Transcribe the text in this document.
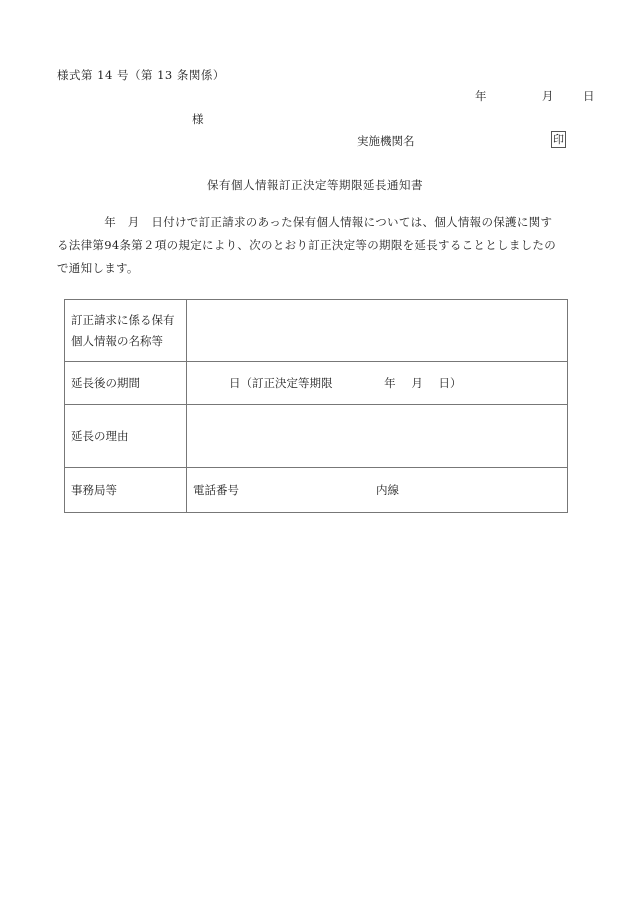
様式第 14 号（第 13 条関係）
年	月	日
様
実施機関名	印
保有個人情報訂正決定等期限延長通知書

　　　　年　月　日付けで訂正請求のあった保有個人情報については、個人情報の保護に関す

る法律第94条第２項の規定により、次のとおり訂正決定等の期限を延長することとしましたの

で通知します。

訂正請求に係る保有
個人情報の名称等	

延長後の期間	日（訂正決定等期限 年 月 日）
延長の理由	
事務局等	電話番号 内線
